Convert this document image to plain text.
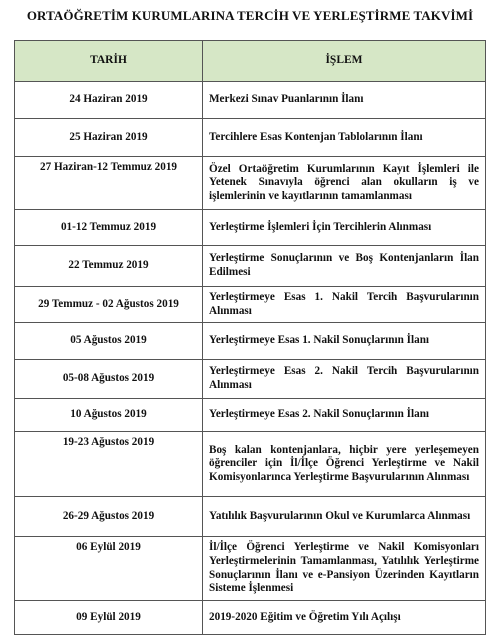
ORTAÖĞRETİM KURUMLARINA TERCİH VE YERLEŞTİRME TAKVİMİ
TARİH	İŞLEM
24 Haziran 2019	Merkezi Sınav Puanlarının İlanı
25 Haziran 2019	Tercihlere Esas Kontenjan Tablolarının İlanı
27 Haziran-12 Temmuz 2019	Özel Ortaöğretim Kurumlarının Kayıt İşlemleri ile Yetenek Sınavıyla öğrenci alan okulların iş ve işlemlerinin ve kayıtlarının tamamlanması
01-12 Temmuz 2019	Yerleştirme İşlemleri İçin Tercihlerin Alınması
22 Temmuz 2019	Yerleştirme Sonuçlarının ve Boş Kontenjanların İlan Edilmesi
29 Temmuz - 02 Ağustos 2019	Yerleştirmeye Esas 1. Nakil Tercih Başvurularının Alınması
05 Ağustos 2019	Yerleştirmeye Esas 1. Nakil Sonuçlarının İlanı
05-08 Ağustos 2019	Yerleştirmeye Esas 2. Nakil Tercih Başvurularının Alınması
10 Ağustos 2019	Yerleştirmeye Esas 2. Nakil Sonuçlarının İlanı
19-23 Ağustos 2019	Boş kalan kontenjanlara, hiçbir yere yerleşemeyen öğrenciler için İl/İlçe Öğrenci Yerleştirme ve Nakil Komisyonlarınca Yerleştirme Başvurularının Alınması
26-29 Ağustos 2019	Yatılılık Başvurularının Okul ve Kurumlarca Alınması
06 Eylül 2019	İl/İlçe Öğrenci Yerleştirme ve Nakil Komisyonları Yerleştirmelerinin Tamamlanması, Yatılılık Yerleştirme Sonuçlarının İlanı ve e-Pansiyon Üzerinden Kayıtların Sisteme İşlenmesi
09 Eylül 2019	2019-2020 Eğitim ve Öğretim Yılı Açılışı
